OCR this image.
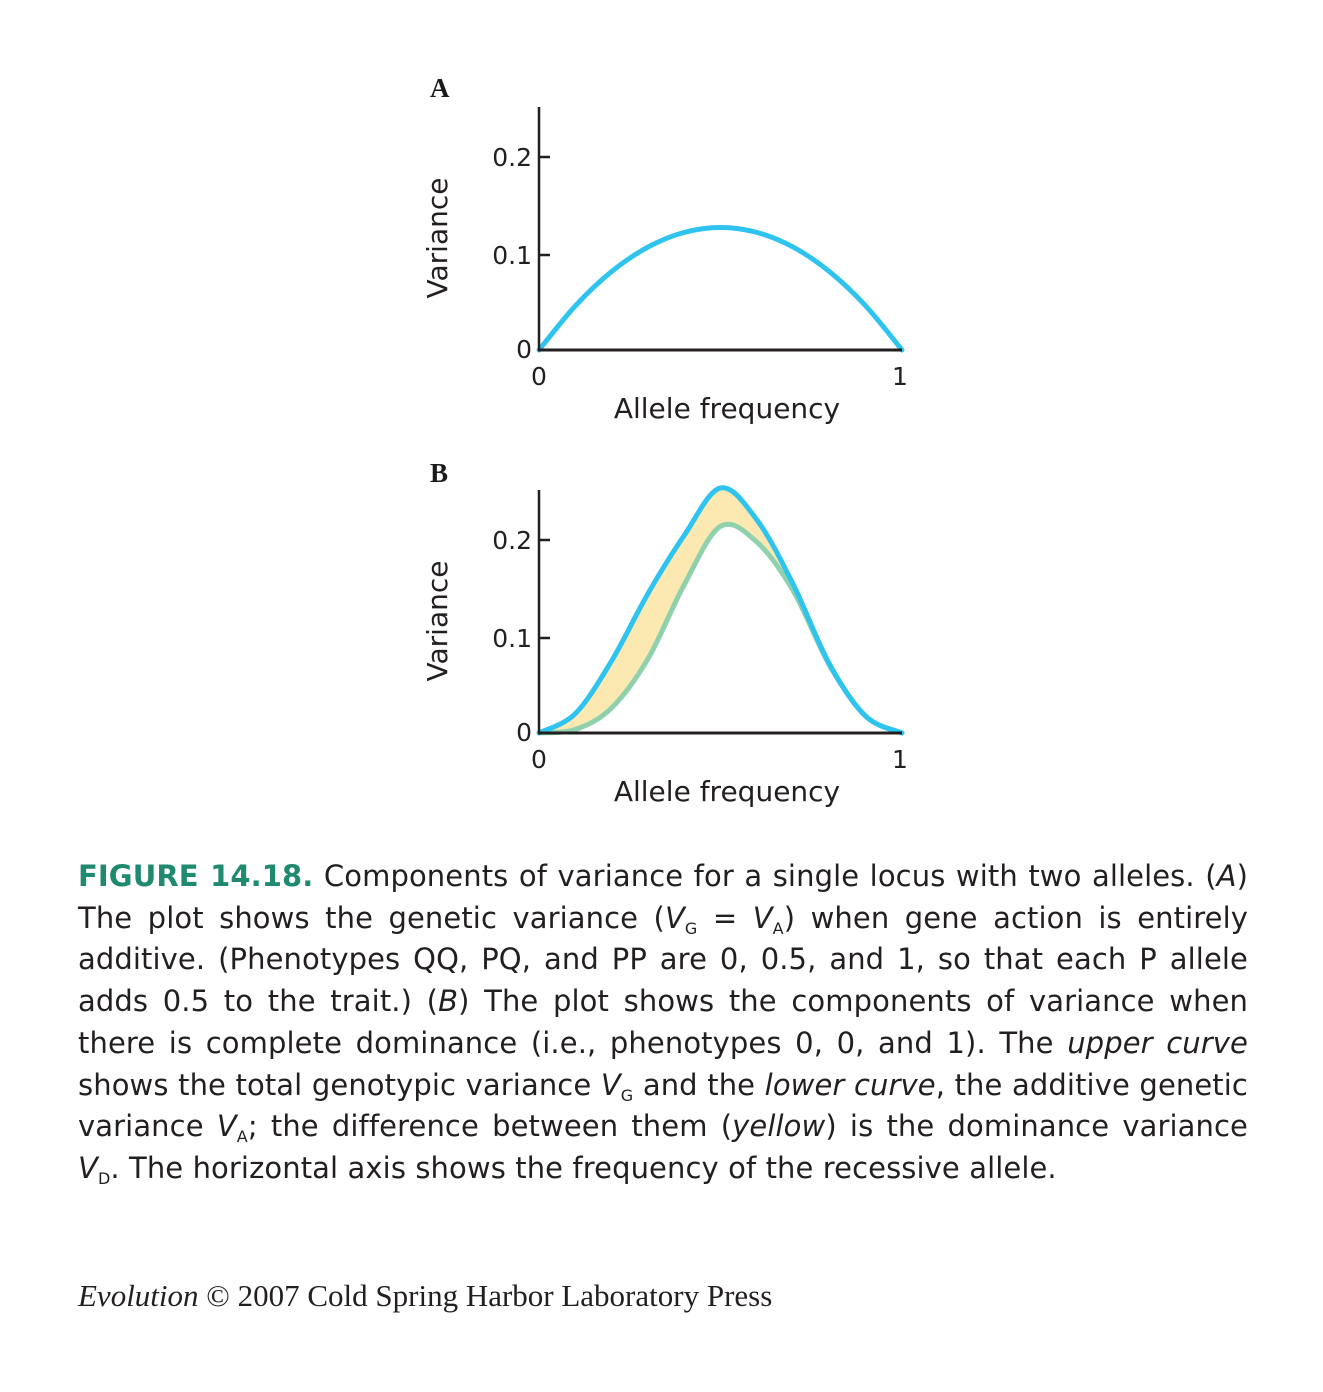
A
0
0.1
0.2
0	1
Allele frequency
Variance
B
0
0.1
0.2
0	1
Allele frequency
Variance
FIGURE 14.18. Components of variance for a single locus with two alleles. (A) The plot shows the genetic variance $(V_G = V_A)$ when gene action is entirely additive. (Phenotypes QQ, PQ, and PP are 0, 0.5, and 1, so that each P allele adds 0.5 to the trait.) (B) The plot shows the components of variance when there is complete dominance (i.e., phenotypes 0, 0, and 1). The upper curve shows the total genotypic variance $V_G$ and the lower curve, the additive genetic variance $V_A$; the difference between them (yellow) is the dominance variance $V_D$. The horizontal axis shows the frequency of the recessive allele.
Evolution © 2007 Cold Spring Harbor Laboratory Press
